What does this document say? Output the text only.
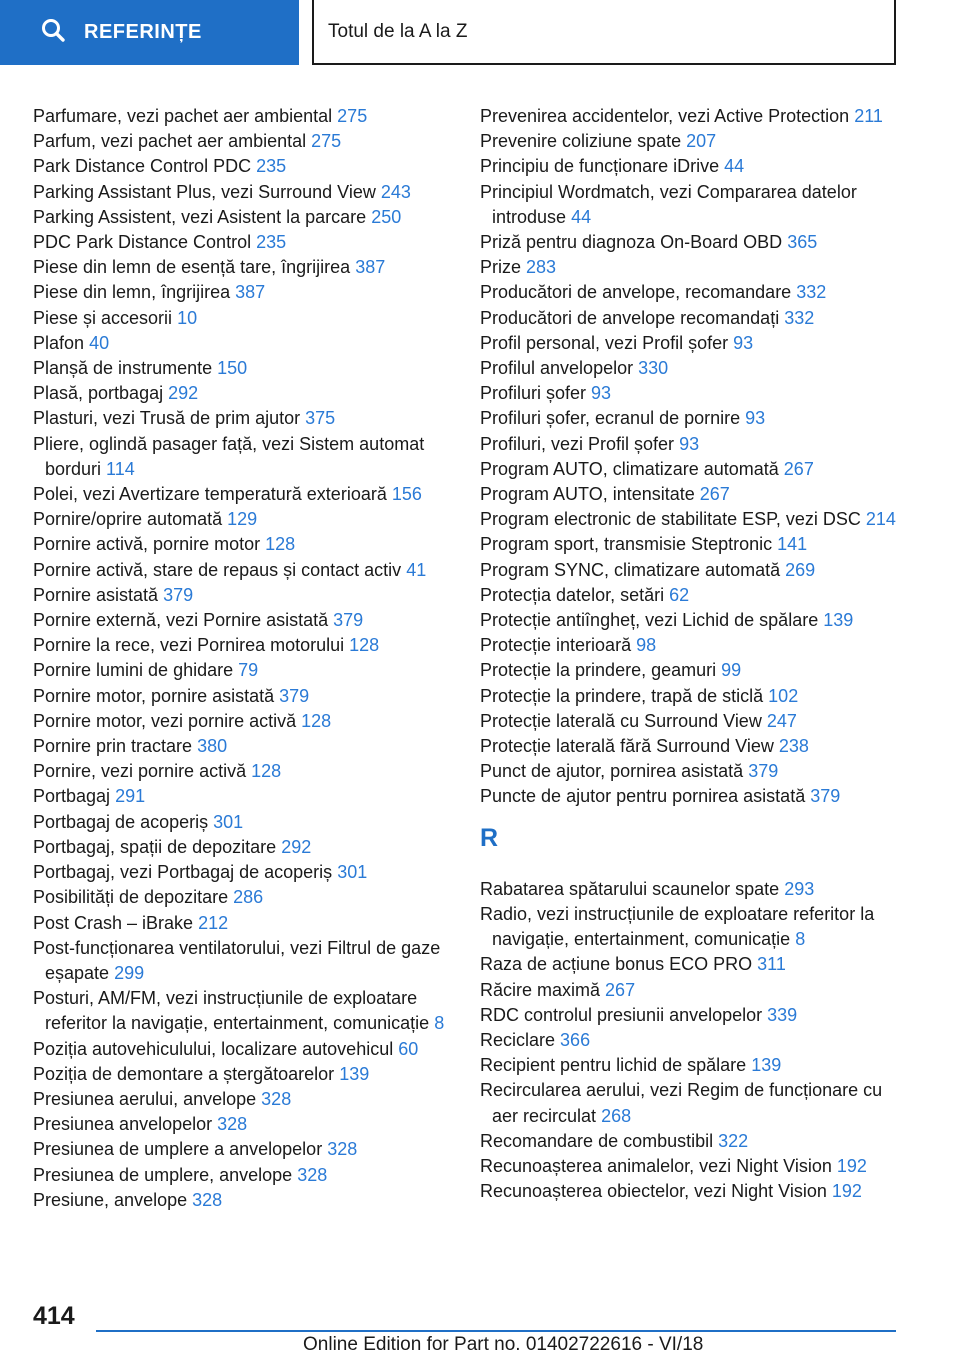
REFERINȚE	Totul de la A la Z
Parfumare, vezi pachet aer ambiental 275
Parfum, vezi pachet aer ambiental 275
Park Distance Control PDC 235
Parking Assistant Plus, vezi Surround View 243
Parking Assistent, vezi Asistent la parcare 250
PDC Park Distance Control 235
Piese din lemn de esență tare, îngrijirea 387
Piese din lemn, îngrijirea 387
Piese și accesorii 10
Plafon 40
Planșă de instrumente 150
Plasă, portbagaj 292
Plasturi, vezi Trusă de prim ajutor 375
Pliere, oglindă pasager față, vezi Sistem automat borduri 114
Polei, vezi Avertizare temperatură exterioară 156
Pornire/oprire automată 129
Pornire activă, pornire motor 128
Pornire activă, stare de repaus și contact activ 41
Pornire asistată 379
Pornire externă, vezi Pornire asistată 379
Pornire la rece, vezi Pornirea motorului 128
Pornire lumini de ghidare 79
Pornire motor, pornire asistată 379
Pornire motor, vezi pornire activă 128
Pornire prin tractare 380
Pornire, vezi pornire activă 128
Portbagaj 291
Portbagaj de acoperiș 301
Portbagaj, spații de depozitare 292
Portbagaj, vezi Portbagaj de acoperiș 301
Posibilități de depozitare 286
Post Crash – iBrake 212
Post-funcționarea ventilatorului, vezi Filtrul de gaze eșapate 299
Posturi, AM/FM, vezi instrucțiunile de exploatare referitor la navigație, entertainment, comunicație 8
Poziția autovehiculului, localizare autovehicul 60
Poziția de demontare a ștergătoarelor 139
Presiunea aerului, anvelope 328
Presiunea anvelopelor 328
Presiunea de umplere a anvelopelor 328
Presiunea de umplere, anvelope 328
Presiune, anvelope 328
Prevenirea accidentelor, vezi Active Protection 211
Prevenire coliziune spate 207
Principiu de funcționare iDrive 44
Principiul Wordmatch, vezi Compararea datelor introduse 44
Priză pentru diagnoza On-Board OBD 365
Prize 283
Producători de anvelope, recomandare 332
Producători de anvelope recomandați 332
Profil personal, vezi Profil șofer 93
Profilul anvelopelor 330
Profiluri șofer 93
Profiluri șofer, ecranul de pornire 93
Profiluri, vezi Profil șofer 93
Program AUTO, climatizare automată 267
Program AUTO, intensitate 267
Program electronic de stabilitate ESP, vezi DSC 214
Program sport, transmisie Steptronic 141
Program SYNC, climatizare automată 269
Protecția datelor, setări 62
Protecție antiîngheț, vezi Lichid de spălare 139
Protecție interioară 98
Protecție la prindere, geamuri 99
Protecție la prindere, trapă de sticlă 102
Protecție laterală cu Surround View 247
Protecție laterală fără Surround View 238
Punct de ajutor, pornirea asistată 379
Puncte de ajutor pentru pornirea asistată 379
R
Rabatarea spătarului scaunelor spate 293
Radio, vezi instrucțiunile de exploatare referitor la navigație, entertainment, comunicație 8
Raza de acțiune bonus ECO PRO 311
Răcire maximă 267
RDC controlul presiunii anvelopelor 339
Reciclare 366
Recipient pentru lichid de spălare 139
Recircularea aerului, vezi Regim de funcționare cu aer recirculat 268
Recomandare de combustibil 322
Recunoașterea animalelor, vezi Night Vision 192
Recunoașterea obiectelor, vezi Night Vision 192
414
Online Edition for Part no. 01402722616 - VI/18
